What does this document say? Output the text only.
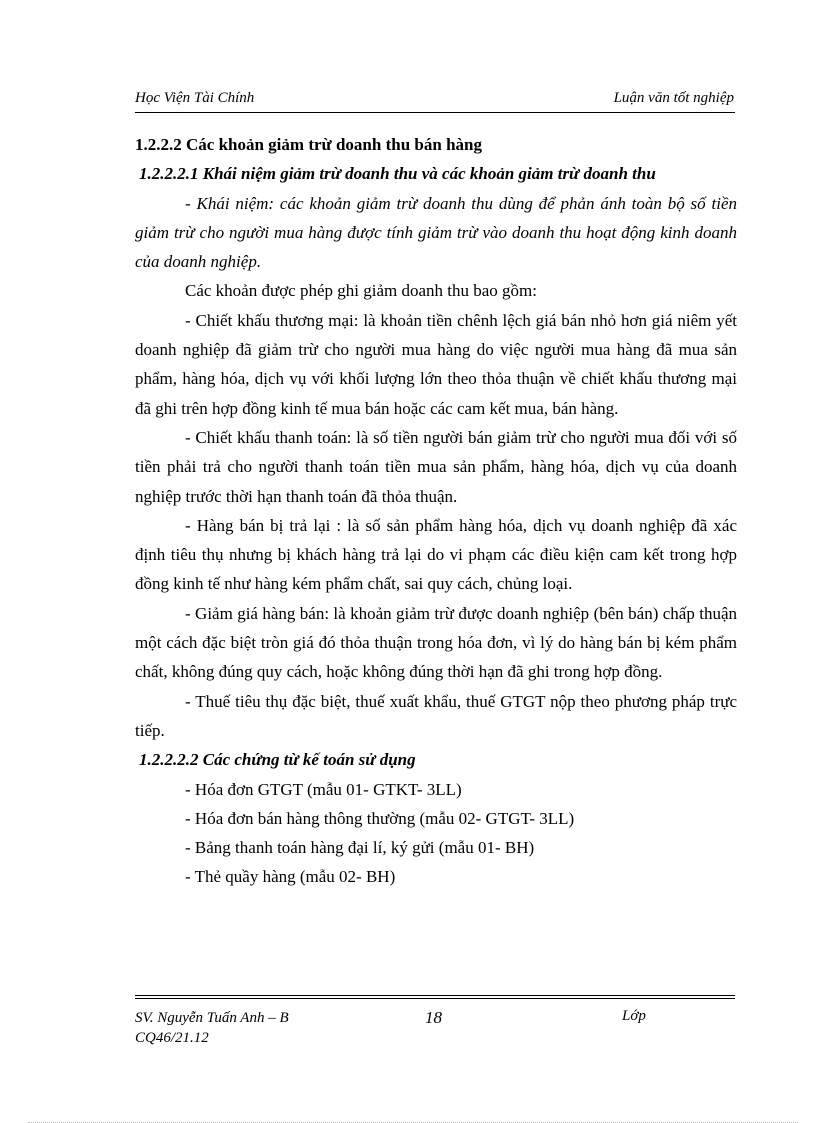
Học Viện Tài Chính	Luận văn tốt nghiệp

1.2.2.2 Các khoản giảm trừ doanh thu bán hàng

1.2.2.2.1 Khái niệm giảm trừ doanh thu và các khoản giảm trừ doanh thu

- Khái niệm: các khoản giảm trừ doanh thu dùng để phản ánh toàn bộ số tiền giảm trừ cho người mua hàng được tính giảm trừ vào doanh thu hoạt động kinh doanh của doanh nghiệp.

Các khoản được phép ghi giảm doanh thu bao gồm:

- Chiết khấu thương mại: là khoản tiền chênh lệch giá bán nhỏ hơn giá niêm yết doanh nghiệp đã giảm trừ cho người mua hàng do việc người mua hàng đã mua sản phẩm, hàng hóa, dịch vụ với khối lượng lớn theo thỏa thuận về chiết khấu thương mại đã ghi trên hợp đồng kinh tế mua bán hoặc các cam kết mua, bán hàng.

- Chiết khấu thanh toán: là số tiền người bán giảm trừ cho người mua đối với số tiền phải trả cho người thanh toán tiền mua sản phẩm, hàng hóa, dịch vụ của doanh nghiệp trước thời hạn thanh toán đã thỏa thuận.

- Hàng bán bị trả lại : là số sản phẩm hàng hóa, dịch vụ doanh nghiệp đã xác định tiêu thụ nhưng bị khách hàng trả lại do vi phạm các điều kiện cam kết trong hợp đồng kinh tế như hàng kém phẩm chất, sai quy cách, chủng loại.

- Giảm giá hàng bán: là khoản giảm trừ được doanh nghiệp (bên bán) chấp thuận một cách đặc biệt tròn giá đó thỏa thuận trong hóa đơn, vì lý do hàng bán bị kém phẩm chất, không đúng quy cách, hoặc không đúng thời hạn đã ghi trong hợp đồng.

- Thuế tiêu thụ đặc biệt, thuế xuất khẩu, thuế GTGT nộp theo phương pháp trực tiếp.

1.2.2.2.2 Các chứng từ kế toán sử dụng

- Hóa đơn GTGT (mẫu 01- GTKT- 3LL)

- Hóa đơn bán hàng thông thường (mẫu 02- GTGT- 3LL)

- Bảng thanh toán hàng đại lí, ký gửi (mẫu 01- BH)

- Thẻ quầy hàng (mẫu 02- BH)

SV. Nguyễn Tuấn Anh – B
CQ46/21.12
18	Lớp
